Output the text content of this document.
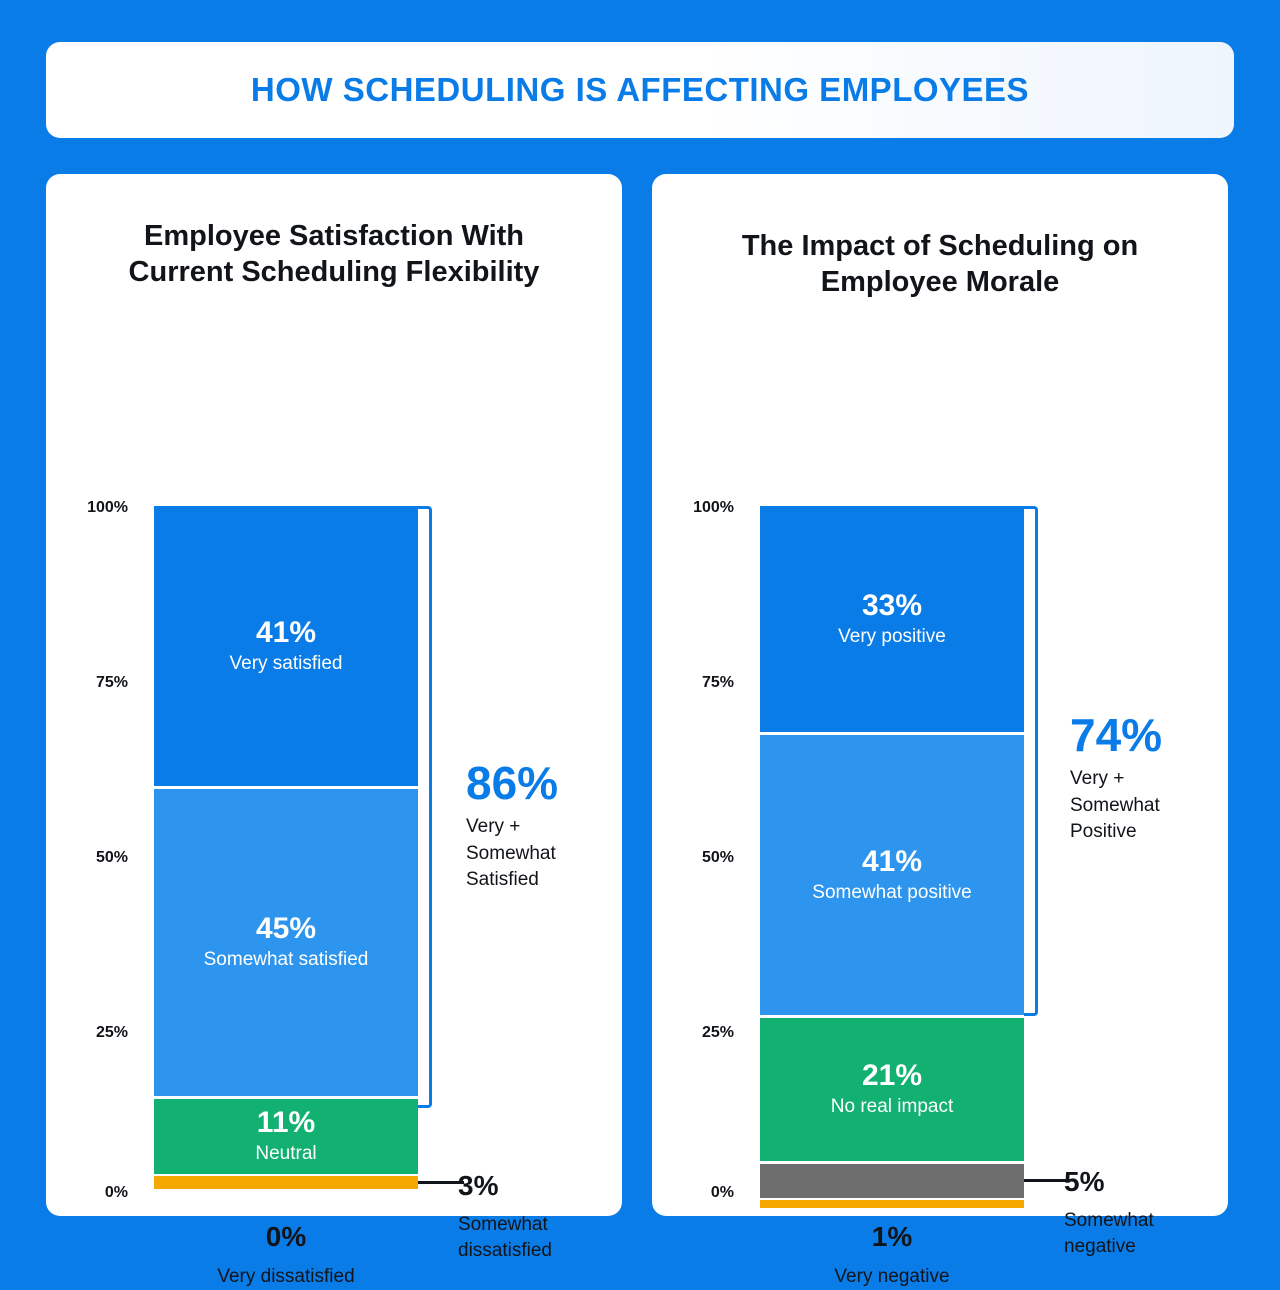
HOW SCHEDULING IS AFFECTING EMPLOYEES
Employee Satisfaction With Current Scheduling Flexibility
100%
75%
50%
25%
0%
41%
Very satisfied
45%
Somewhat satisfied
11%
Neutral
86%
Very + Somewhat Satisfied
3%
Somewhat dissatisfied
0%
Very dissatisfied
The Impact of Scheduling on Employee Morale
100%
75%
50%
25%
0%
33%
Very positive
41%
Somewhat positive
21%
No real impact
74%
Very + Somewhat Positive
5%
Somewhat negative
1%
Very negative
